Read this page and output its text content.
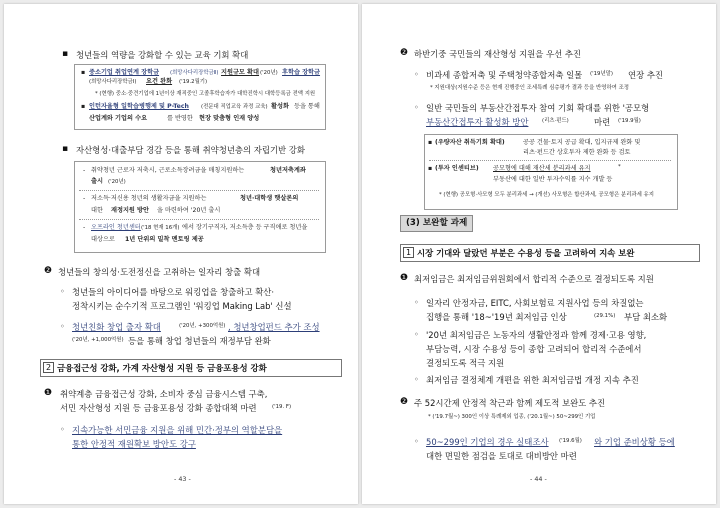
▪ 청년들의 역량을 강화할 수 있는 교육 기회 확대
▪ 중소기업 취업연계 장학금 (희망사다리장학금Ⅱ) 지원규모 확대 ('20년) 후학습 장학금
(희망사다리장학금Ⅰ) 요건 완화 ('19.2월기)
* (현행) 중소·중견기업에 1년이상 재직중인 고졸후학습자가 대학진학시 대학등록금 전액 지원
▪ 인턴자율형 일학습병행제 및 P-Tech (전문대 직업교육 과정 교육) 활성화 등을 통해
산업계와 기업의 수요	를 반영한 현장 맞춤형 인재 양성
▪ 자산형성·대출부담 경감 등을 통해 취약청년층의 자립기반 강화
- 취약청년 근로자 저축시, 근로소득장려금을 매칭지원하는	청년저축계좌
출시 ('20년)
- 저소득·저신용 청년의 생활자금을 지원하는	청년·대학생 햇살론의
대한 재정지원 방안 을 마련하여 '20년 출시
- 오프라인 청년센터 ('18 현재 16개) 에서 장기구직자, 저소득층 등 구직애로 청년을
대상으로 1년 단위의 밀착 멘토링 제공
❷ 청년들의 창의성·도전정신을 고취하는 일자리 창출 확대
◦ 청년들의 아이디어를 바탕으로 워킹업을 창출하고 확산·
정착시키는 순수기적 프로그램인 '워킹업 Making Lab' 신설
◦ 청년친화 창업 출자 확대	('20년, +300억원) , 청년창업펀드 추가 조성
('20년, +1,000억원) 등을 통해 창업 청년들의 재정부담 완화
2 금융접근성 강화, 가계 자산형성 지원 등 금융포용성 강화
❶ 취약계층 금융접근성 강화, 소비자 중심 금융시스템 구축,
서민 자산형성 지원 등 금융포용성 강화 종합대책 마련	('19. F)
◦ 지속가능한 서민금융 지원을 위해 민간·정부의 역할분담을
통한 안정적 재원확보 방안도 강구
- 43 -
❷ 하반기중 국민들의 재산형성 지원을 우선 추진
◦ 비과세 종합저축 및 주택청약종합저축 일몰 ('19년말) 연장 추진
* 지원대상(지원수준 등은 현재 진행중인 조세특례 심층평가 결과 등을 반영하여 조정
◦ 일반 국민들의 부동산간접투자 참여 기회 확대를 위한 '공모형
부동산간접투자 활성화 방안	(리츠·펀드)	마련 ('19.9월)
▪ (우량자산 취득기회 확대)	공공 건물·토지 공급 확대, 입지규제 완화 및
리츠·펀드간 상호투자 제한 완화 등 검토
▪ (투자 인센티브) 공모형에 대해 재산세 분리과세 유지	*
부동산에 대한 일반 투자수익률 지수 개발 등
* (현행) 공모형·사모형 모두 분리과세 → (개선) 사모형은 합산과세, 공모형은 분리과세 유지
(3) 보완할 과제
1 시장 기대와 달랐던 부분은 수용성 등을 고려하여 지속 보완
❶ 최저임금은 최저임금위원회에서 합리적 수준으로 결정되도록 지원
◦ 일자리 안정자금, EITC, 사회보험료 지원사업 등의 차질없는
집행을 통해 '18~'19년 최저임금 인상	(29.1%) 부담 최소화
◦ '20년 최저임금은 노동자의 생활안정과 함께 경제·고용 영향,
부담능력, 시장 수용성 등이 종합 고려되어 합리적 수준에서
결정되도록 적극 지원
◦ 최저임금 결정체계 개편을 위한 최저임금법 개정 지속 추진
❷ 주 52시간제 안정적 착근과 함께 제도적 보완도 추진
* ('19.7월~) 300인 이상 특례제외 업종, ('20.1월~) 50~299인 기업
◦ 50~299인 기업의 경우 실태조사 ('19.6월) 와 기업 준비상황 등에
대한 면밀한 점검을 토대로 대비방안 마련
- 44 -
